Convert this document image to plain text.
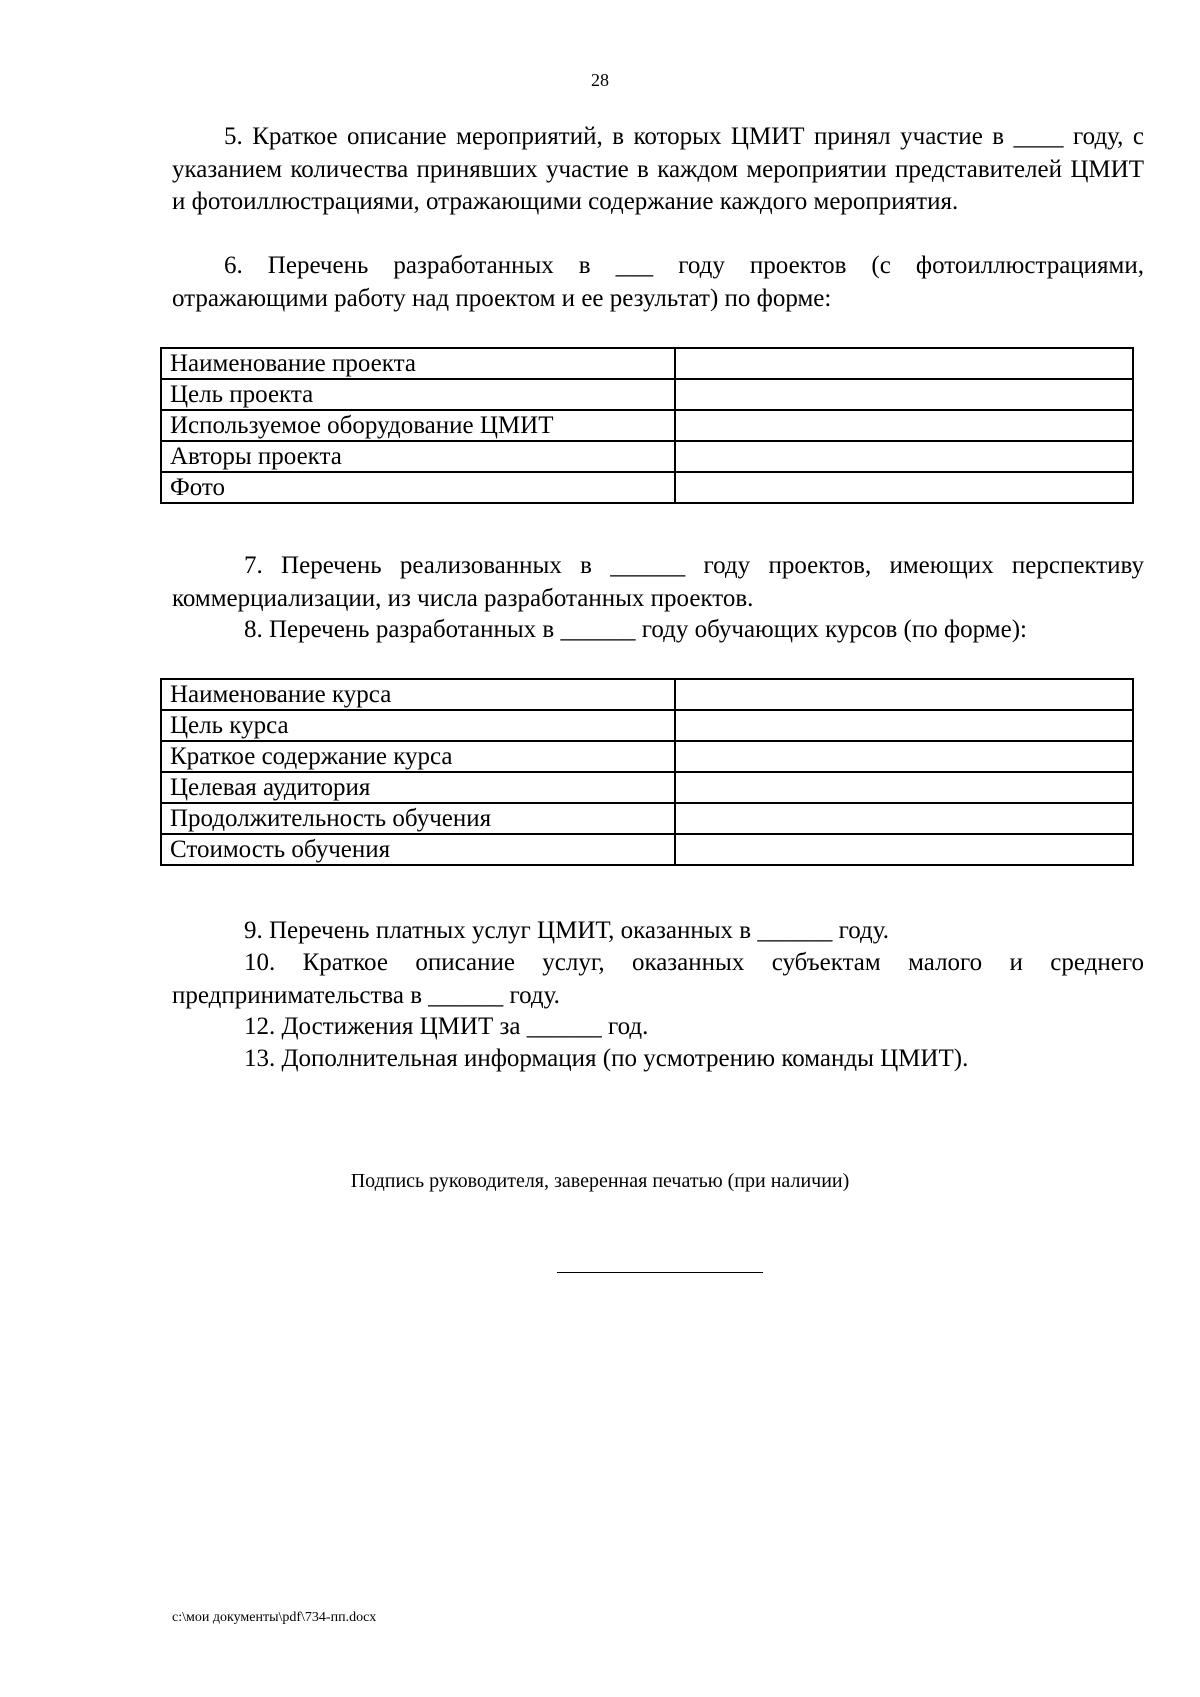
28
5. Краткое описание мероприятий, в которых ЦМИТ принял участие в ____ году, с указанием количества принявших участие в каждом мероприятии представителей ЦМИТ и фотоиллюстрациями, отражающими содержание каждого мероприятия.
6. Перечень разработанных в ___ году проектов (с фотоиллюстрациями, отражающими работу над проектом и ее результат) по форме:
Наименование проекта	
Цель проекта	
Используемое оборудование ЦМИТ	
Авторы проекта	
Фото	
7. Перечень реализованных в ______ году проектов, имеющих перспективу коммерциализации, из числа разработанных проектов.
8. Перечень разработанных в ______ году обучающих курсов (по форме):
Наименование курса	
Цель курса	
Краткое содержание курса	
Целевая аудитория	
Продолжительность обучения	
Стоимость обучения	
9. Перечень платных услуг ЦМИТ, оказанных в ______ году.
10. Краткое описание услуг, оказанных субъектам малого и среднего предпринимательства в ______ году.
12. Достижения ЦМИТ за ______ год.
13. Дополнительная информация (по усмотрению команды ЦМИТ).
Подпись руководителя, заверенная печатью (при наличии)
c:\мои документы\pdf\734-пп.docx
